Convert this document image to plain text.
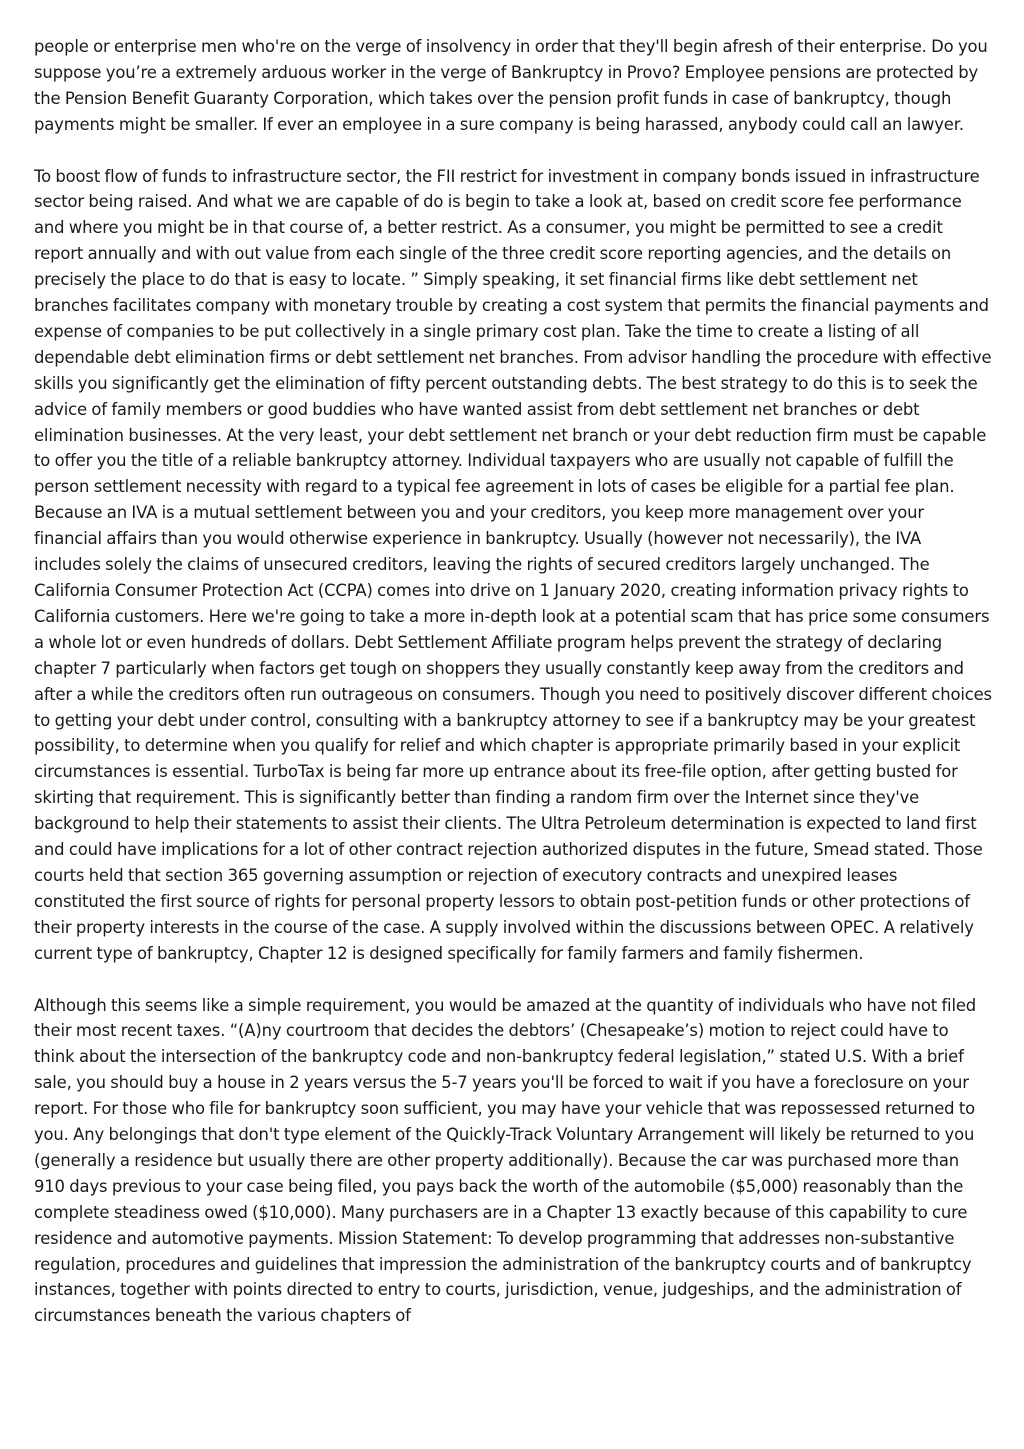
people or enterprise men who're on the verge of insolvency in order that they'll begin afresh of their enterprise. Do you suppose you’re a extremely arduous worker in the verge of Bankruptcy in Provo? Employee pensions are protected by the Pension Benefit Guaranty Corporation, which takes over the pension profit funds in case of bankruptcy, though payments might be smaller. If ever an employee in a sure company is being harassed, anybody could call an lawyer.

To boost flow of funds to infrastructure sector, the FII restrict for investment in company bonds issued in infrastructure sector being raised. And what we are capable of do is begin to take a look at, based on credit score fee performance and where you might be in that course of, a better restrict. As a consumer, you might be permitted to see a credit report annually and with out value from each single of the three credit score reporting agencies, and the details on precisely the place to do that is easy to locate. ” Simply speaking, it set financial firms like debt settlement net branches facilitates company with monetary trouble by creating a cost system that permits the financial payments and expense of companies to be put collectively in a single primary cost plan. Take the time to create a listing of all dependable debt elimination firms or debt settlement net branches. From advisor handling the procedure with effective skills you significantly get the elimination of fifty percent outstanding debts. The best strategy to do this is to seek the advice of family members or good buddies who have wanted assist from debt settlement net branches or debt elimination businesses. At the very least, your debt settlement net branch or your debt reduction firm must be capable to offer you the title of a reliable bankruptcy attorney. Individual taxpayers who are usually not capable of fulfill the person settlement necessity with regard to a typical fee agreement in lots of cases be eligible for a partial fee plan. Because an IVA is a mutual settlement between you and your creditors, you keep more management over your financial affairs than you would otherwise experience in bankruptcy. Usually (however not necessarily), the IVA includes solely the claims of unsecured creditors, leaving the rights of secured creditors largely unchanged. The California Consumer Protection Act (CCPA) comes into drive on 1 January 2020, creating information privacy rights to California customers. Here we're going to take a more in-depth look at a potential scam that has price some consumers a whole lot or even hundreds of dollars. Debt Settlement Affiliate program helps prevent the strategy of declaring chapter 7 particularly when factors get tough on shoppers they usually constantly keep away from the creditors and after a while the creditors often run outrageous on consumers. Though you need to positively discover different choices to getting your debt under control, consulting with a bankruptcy attorney to see if a bankruptcy may be your greatest possibility, to determine when you qualify for relief and which chapter is appropriate primarily based in your explicit circumstances is essential. TurboTax is being far more up entrance about its free-file option, after getting busted for skirting that requirement. This is significantly better than finding a random firm over the Internet since they've background to help their statements to assist their clients. The Ultra Petroleum determination is expected to land first and could have implications for a lot of other contract rejection authorized disputes in the future, Smead stated. Those courts held that section 365 governing assumption or rejection of executory contracts and unexpired leases constituted the first source of rights for personal property lessors to obtain post-petition funds or other protections of their property interests in the course of the case. A supply involved within the discussions between OPEC. A relatively current type of bankruptcy, Chapter 12 is designed specifically for family farmers and family fishermen.

Although this seems like a simple requirement, you would be amazed at the quantity of individuals who have not filed their most recent taxes. “(A)ny courtroom that decides the debtors’ (Chesapeake’s) motion to reject could have to think about the intersection of the bankruptcy code and non-bankruptcy federal legislation,” stated U.S. With a brief sale, you should buy a house in 2 years versus the 5-7 years you'll be forced to wait if you have a foreclosure on your report. For those who file for bankruptcy soon sufficient, you may have your vehicle that was repossessed returned to you. Any belongings that don't type element of the Quickly-Track Voluntary Arrangement will likely be returned to you (generally a residence but usually there are other property additionally). Because the car was purchased more than 910 days previous to your case being filed, you pays back the worth of the automobile ($5,000) reasonably than the complete steadiness owed ($10,000). Many purchasers are in a Chapter 13 exactly because of this capability to cure residence and automotive payments. Mission Statement: To develop programming that addresses non-substantive regulation, procedures and guidelines that impression the administration of the bankruptcy courts and of bankruptcy instances, together with points directed to entry to courts, jurisdiction, venue, judgeships, and the administration of circumstances beneath the various chapters of
